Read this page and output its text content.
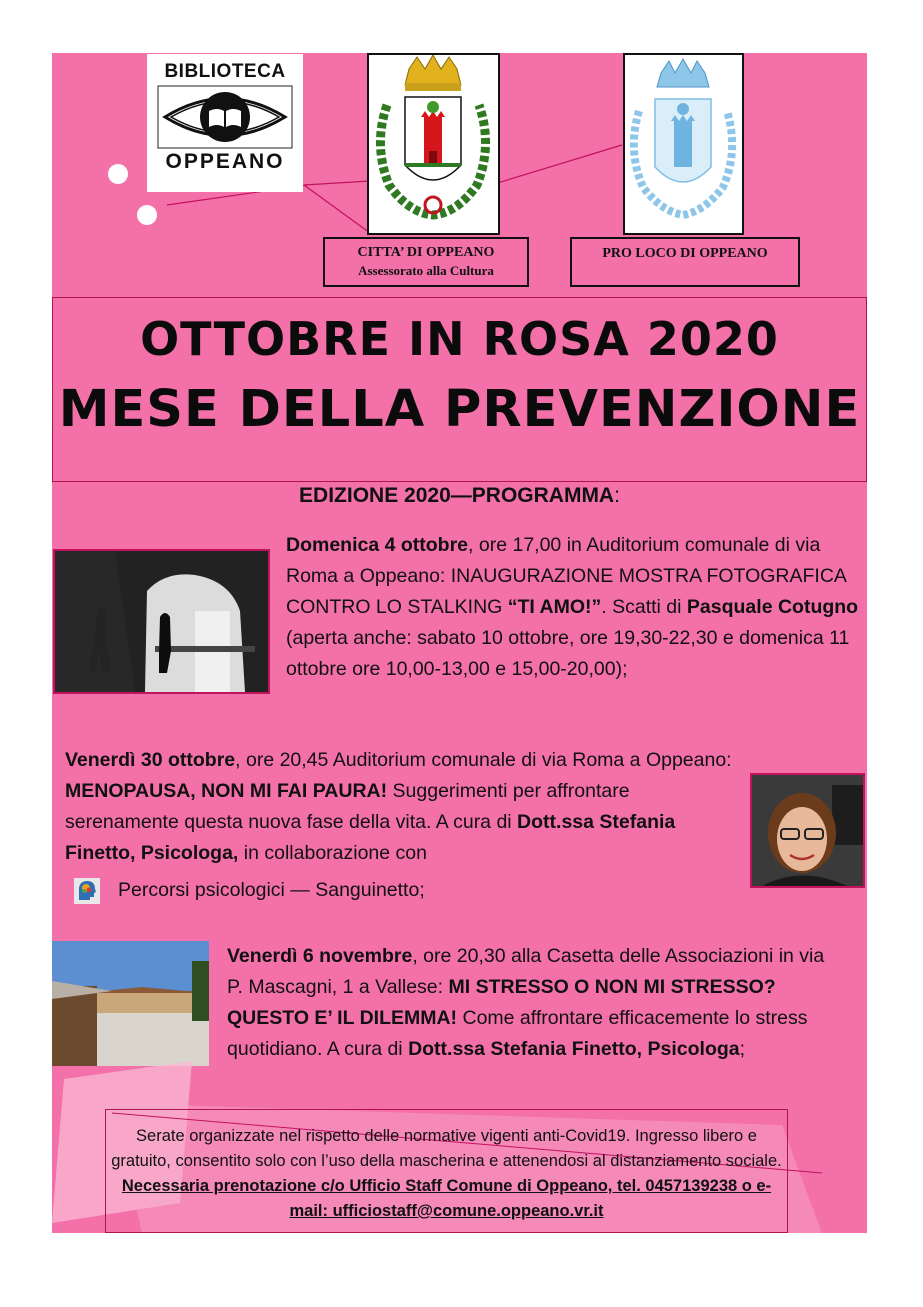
BIBLIOTECA
OPPEANO
CITTA’ DI OPPEANO
Assessorato alla Cultura
PRO LOCO DI OPPEANO
OTTOBRE IN ROSA 2020
MESE DELLA PREVENZIONE
EDIZIONE 2020—PROGRAMMA:
Domenica 4 ottobre, ore 17,00 in Auditorium comunale di via Roma a Oppeano: INAUGURAZIONE MOSTRA FOTOGRAFICA CONTRO LO STALKING “TI AMO!”. Scatti di Pasquale Cotugno (aperta anche: sabato 10 ottobre, ore 19,30-22,30 e domenica 11 ottobre ore 10,00-13,00 e 15,00-20,00);
Venerdì 30 ottobre, ore 20,45 Auditorium comunale di via Roma a Oppeano: MENOPAUSA, NON MI FAI PAURA! Suggerimenti per affrontare serenamente questa nuova fase della vita. A cura di Dott.ssa Stefania Finetto, Psicologa, in collaborazione con
Percorsi psicologici — Sanguinetto;
Venerdì 6 novembre, ore 20,30 alla Casetta delle Associazioni in via P. Mascagni, 1 a Vallese: MI STRESSO O NON MI STRESSO? QUESTO E’ IL DILEMMA! Come affrontare efficacemente lo stress quotidiano. A cura di Dott.ssa Stefania Finetto, Psicologa;
Serate organizzate nel rispetto delle normative vigenti anti-Covid19. Ingresso libero e gratuito, consentito solo con l’uso della mascherina e attenendosi al distanziamento sociale. Necessaria prenotazione c/o Ufficio Staff Comune di Oppeano, tel. 0457139238 o e-mail: ufficiostaff@comune.oppeano.vr.it
